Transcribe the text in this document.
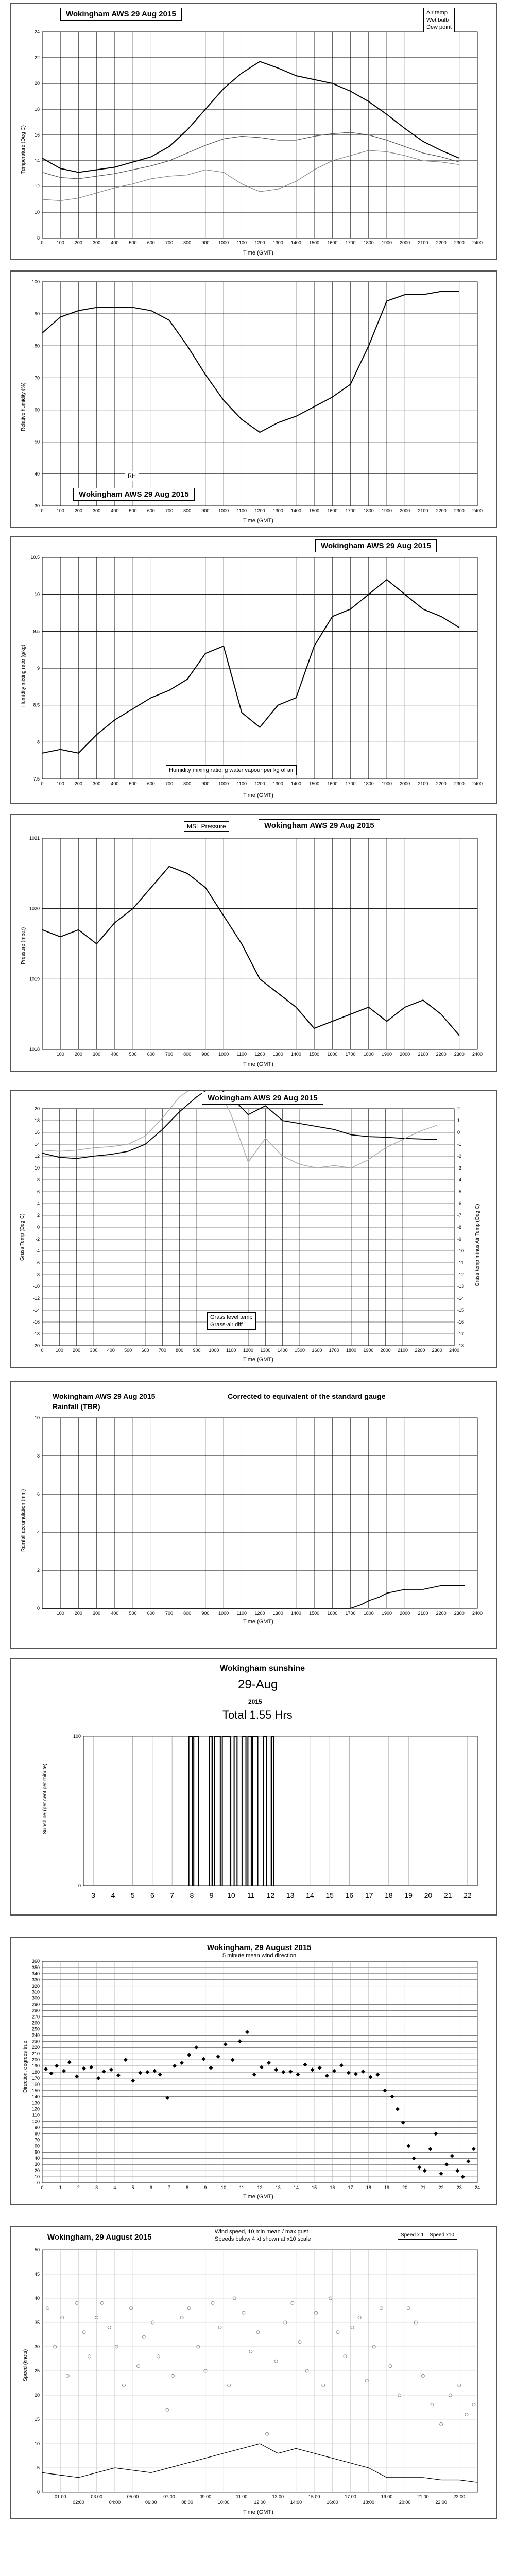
8
10
12
14
16
18
20
22
24
0	100 200 300 400 500 600 700 800 900 1000 1100 1200 1300 1400 1500 1600 1700 1800 1900 2000 2100 2200 2300 2400
Wokingham AWS 29 Aug 2015	Air temp
Wet bulb
Dew point
Temperature (Deg C)
Time (GMT)
30
40
50
60
70
80
90
100
0	100 200 300 400 500 600 700 800 900 1000 1100 1200 1300 1400 1500 1600 1700 1800 1900 2000 2100 2200 2300 2400
Wokingham AWS 29 Aug 2015
RH
Relative humidity (%)
Time (GMT)
7.5
8
8.5
9
9.5
10
10.5
0	100 200 300 400 500 600 700 800 900 1000 1100 1200 1300 1400 1500 1600 1700 1800 1900 2000 2100 2200 2300 2400
Wokingham AWS 29 Aug 2015
Humidity mixing ratio, g water vapour per kg of air
Humidity mixing ratio (g/kg)
Time (GMT)
1018
1019
1020
1021
100 200 300 400 500 600 700 800 900 1000 1100 1200 1300 1400 1500 1600 1700 1800 1900 2000 2100 2200 2300 2400
MSL Pressure	Wokingham AWS 29 Aug 2015
Pressure (mbar)
Time (GMT)
-20
-18
-16
-14
-12
-10
-8
-6
-4
-2
0
2
4
6
8
10
12
14
16
18
20
0	100 200 300 400 500 600 700 800 900 1000 1100 1200 1300 1400 1500 1600 1700 1800 1900 2000 2100 2200 2300 2400
-18
-17
-16
-15
-14
-13
-12
-11
-10
-9
-8
-7
-6
-5
-4
-3
-2
-1
0
1
2
Wokingham AWS 29 Aug 2015
Grass level temp
Grass-air diff
Grass Temp (Deg C)	Grass temp minus Air Temp (Deg C)
Time (GMT)
0
2
4
6
8
10
100 200 300 400 500 600 700 800 900 1000 1100 1200 1300 1400 1500 1600 1700 1800 1900 2000 2100 2200 2300 2400
Wokingham AWS 29 Aug 2015
Rainfall (TBR)
Corrected to equivalent of the standard gauge
Rainfall accumulation (mm)
Time (GMT)
0
100
3 4 5 6 7 8 9 10 11 12 13 14 15 16 17 18 19 20 21 22
Wokingham sunshine
29-Aug
2015
Total 1.55 Hrs
Sunshine (per cent per minute)
0
10
20
30
40
50
60
70
80
90
100
110
120
130
140
150
160
170
180
190
200
210
220
230
240
250
260
270
280
290
300
310
320
330
340
350
360
0	1	2	3	4	5	6	7	8	9	10	11	12	13	14	15	16	17	18	19	20	21	22	23	24
Wokingham, 29 August 2015
5 minute mean wind direction
Direction, degrees true
Time (GMT)
0
5
10
15
20
25
30
35
40
45
50
01:00
02:00
03:00
04:00
05:00
06:00
07:00
08:00
09:00
10:00
11:00
12:00
13:00
14:00
15:00
16:00
17:00
18:00
19:00
20:00
21:00
22:00
23:00
Wokingham, 29 August 2015
Wind speed, 10 min mean / max gust
Speeds below 4 kt shown at x10 scale
Speed x 1 Speed x10
Speed (knots)
Time (GMT)
